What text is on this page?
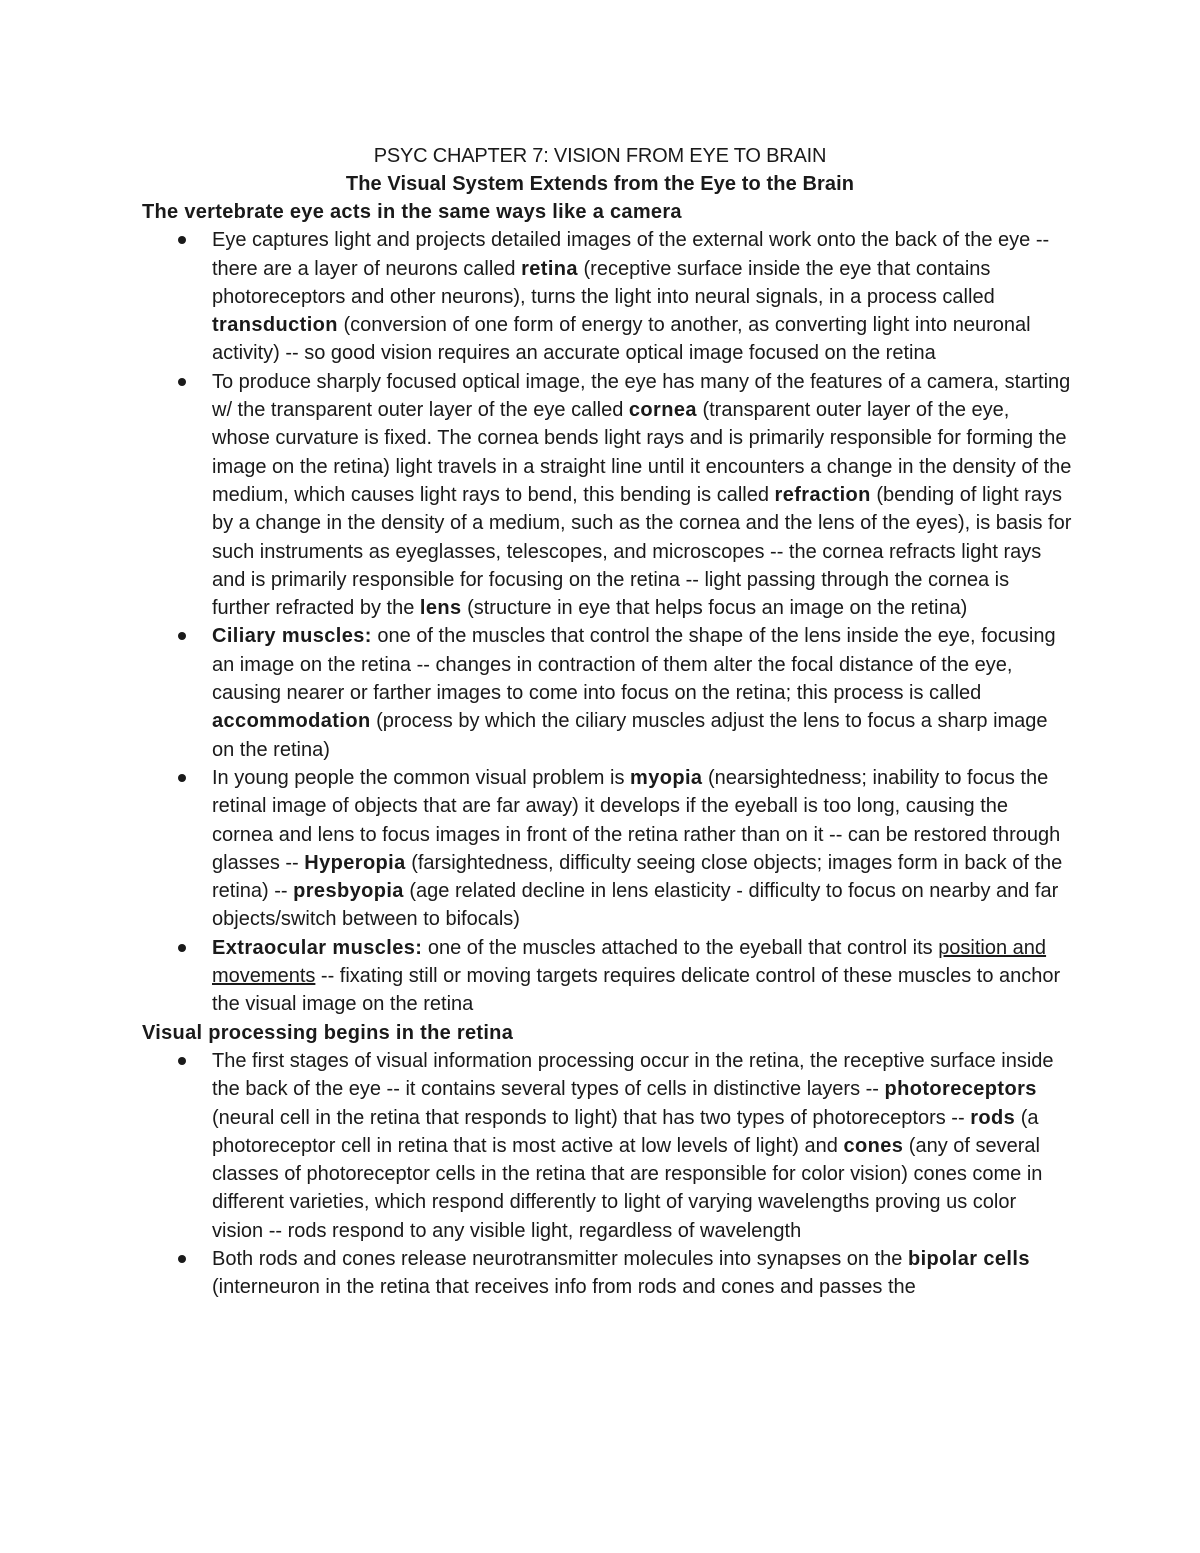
PSYC CHAPTER 7: VISION FROM EYE TO BRAIN
The Visual System Extends from the Eye to the Brain
The vertebrate eye acts in the same ways like a camera
Eye captures light and projects detailed images of the external work onto the back of the eye -- there are a layer of neurons called retina (receptive surface inside the eye that contains photoreceptors and other neurons), turns the light into neural signals, in a process called transduction (conversion of one form of energy to another, as converting light into neuronal activity) -- so good vision requires an accurate optical image focused on the retina
To produce sharply focused optical image, the eye has many of the features of a camera, starting w/ the transparent outer layer of the eye called cornea (transparent outer layer of the eye, whose curvature is fixed. The cornea bends light rays and is primarily responsible for forming the image on the retina) light travels in a straight line until it encounters a change in the density of the medium, which causes light rays to bend, this bending is called refraction (bending of light rays by a change in the density of a medium, such as the cornea and the lens of the eyes), is basis for such instruments as eyeglasses, telescopes, and microscopes -- the cornea refracts light rays and is primarily responsible for focusing on the retina -- light passing through the cornea is further refracted by the lens (structure in eye that helps focus an image on the retina)
Ciliary muscles: one of the muscles that control the shape of the lens inside the eye, focusing an image on the retina -- changes in contraction of them alter the focal distance of the eye, causing nearer or farther images to come into focus on the retina; this process is called accommodation (process by which the ciliary muscles adjust the lens to focus a sharp image on the retina)
In young people the common visual problem is myopia (nearsightedness; inability to focus the retinal image of objects that are far away) it develops if the eyeball is too long, causing the cornea and lens to focus images in front of the retina rather than on it -- can be restored through glasses -- Hyperopia (farsightedness, difficulty seeing close objects; images form in back of the retina) -- presbyopia (age related decline in lens elasticity - difficulty to focus on nearby and far objects/switch between to bifocals)
Extraocular muscles: one of the muscles attached to the eyeball that control its position and movements -- fixating still or moving targets requires delicate control of these muscles to anchor the visual image on the retina
Visual processing begins in the retina
The first stages of visual information processing occur in the retina, the receptive surface inside the back of the eye -- it contains several types of cells in distinctive layers -- photoreceptors (neural cell in the retina that responds to light) that has two types of photoreceptors -- rods (a photoreceptor cell in retina that is most active at low levels of light) and cones (any of several classes of photoreceptor cells in the retina that are responsible for color vision) cones come in different varieties, which respond differently to light of varying wavelengths proving us color vision -- rods respond to any visible light, regardless of wavelength
Both rods and cones release neurotransmitter molecules into synapses on the bipolar cells (interneuron in the retina that receives info from rods and cones and passes the
